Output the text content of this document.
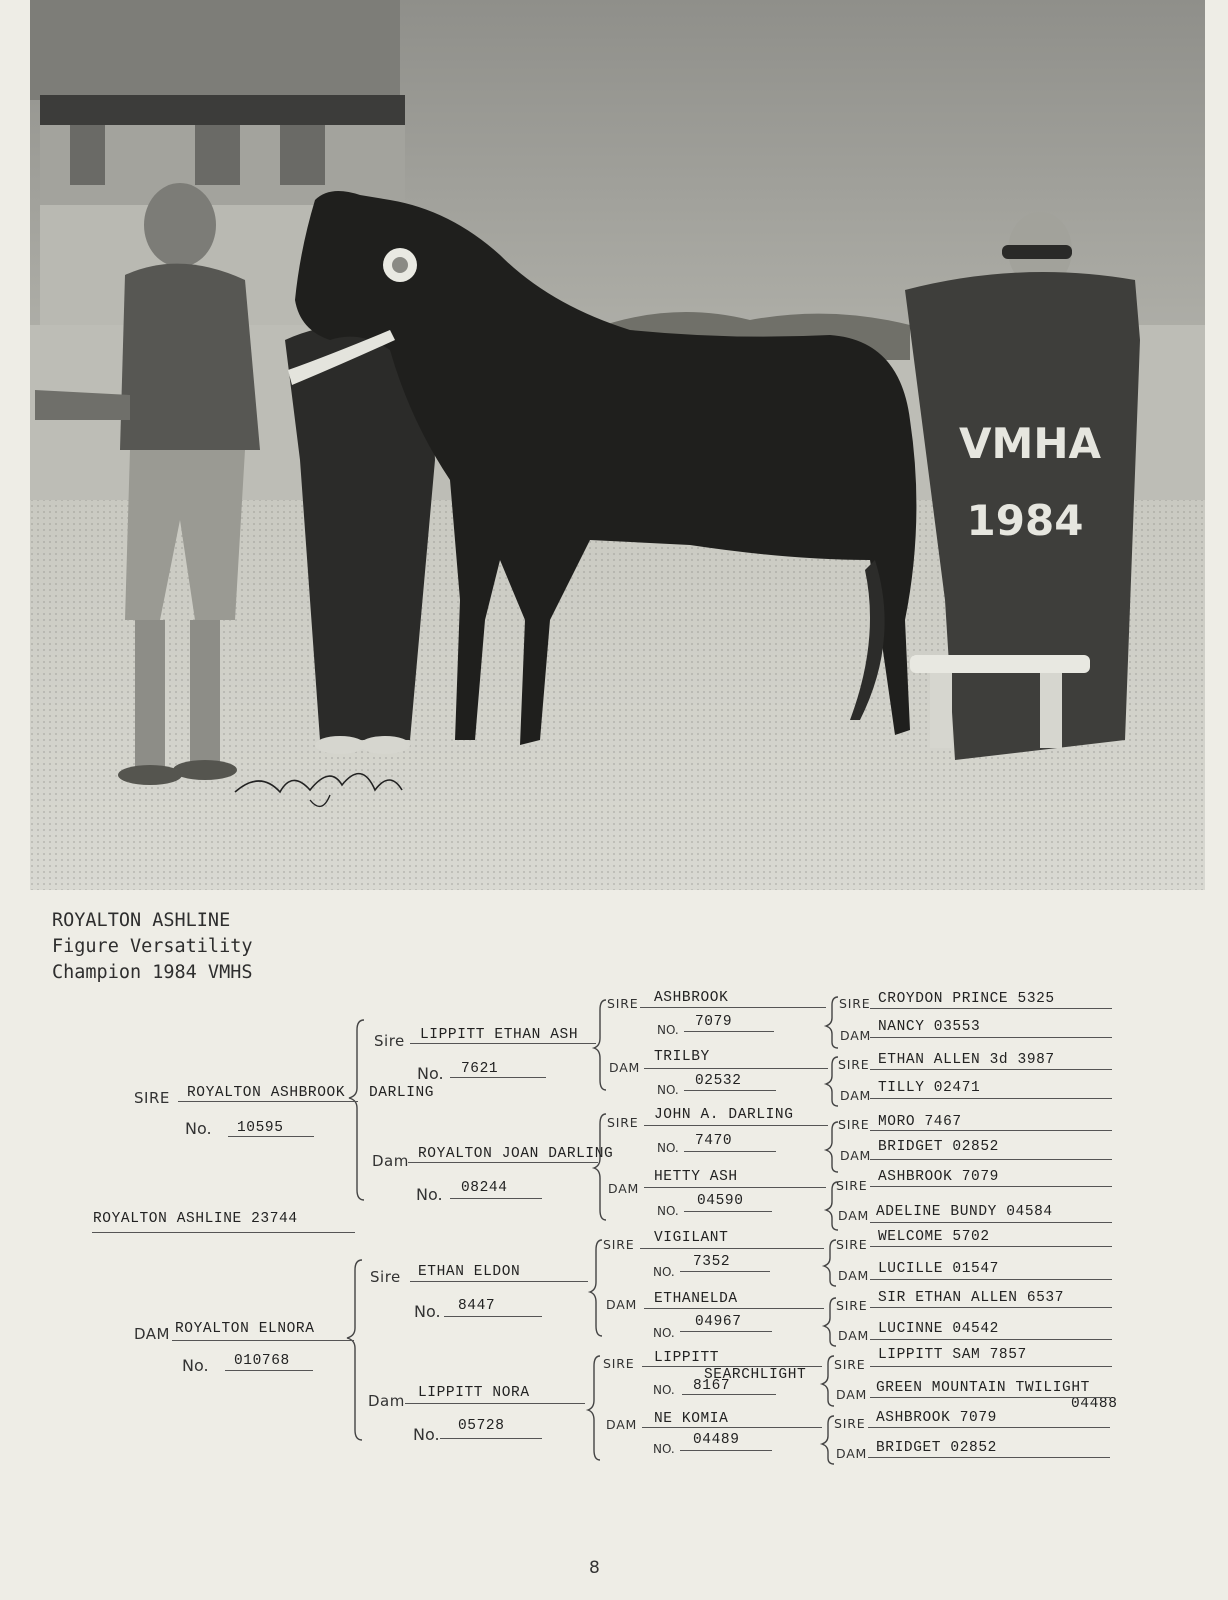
VMHA
1984
ROYALTON ASHLINE
Figure Versatility
Champion 1984 VMHS
ROYALTON ASHLINE 23744
SIRE ROYALTON ASHBROOK DARLING
No. 10595
DAM ROYALTON ELNORA
No. 010768
Sire LIPPITT ETHAN ASH
No. 7621
Dam ROYALTON JOAN DARLING
No. 08244
Sire ETHAN ELDON
No. 8447
Dam LIPPITT NORA
No. 05728
SIRE ASHBROOK
NO. 7079
DAM
TRILBY
NO.
02532
SIRE JOHN A. DARLING
NO. 7470
DAM
HETTY ASH
NO.
04590
SIRE VIGILANT
NO.
7352
DAM ETHANELDA
NO.
04967
SIRE LIPPITT
SEARCHLIGHT
NO. 8167
DAM NE KOMIA
NO.
04489
SIRE CROYDON PRINCE 5325
DAM
NANCY 03553
SIRE ETHAN ALLEN 3d 3987
DAM TILLY 02471
SIRE MORO 7467
DAM
BRIDGET 02852
SIRE
ASHBROOK 7079
DAM ADELINE BUNDY 04584
SIRE WELCOME 5702
DAM LUCILLE 01547
SIRE SIR ETHAN ALLEN 6537
DAM LUCINNE 04542
SIRE
LIPPITT SAM 7857
DAM GREEN MOUNTAIN TWILIGHT
04488
SIRE ASHBROOK 7079
DAM BRIDGET 02852
8
